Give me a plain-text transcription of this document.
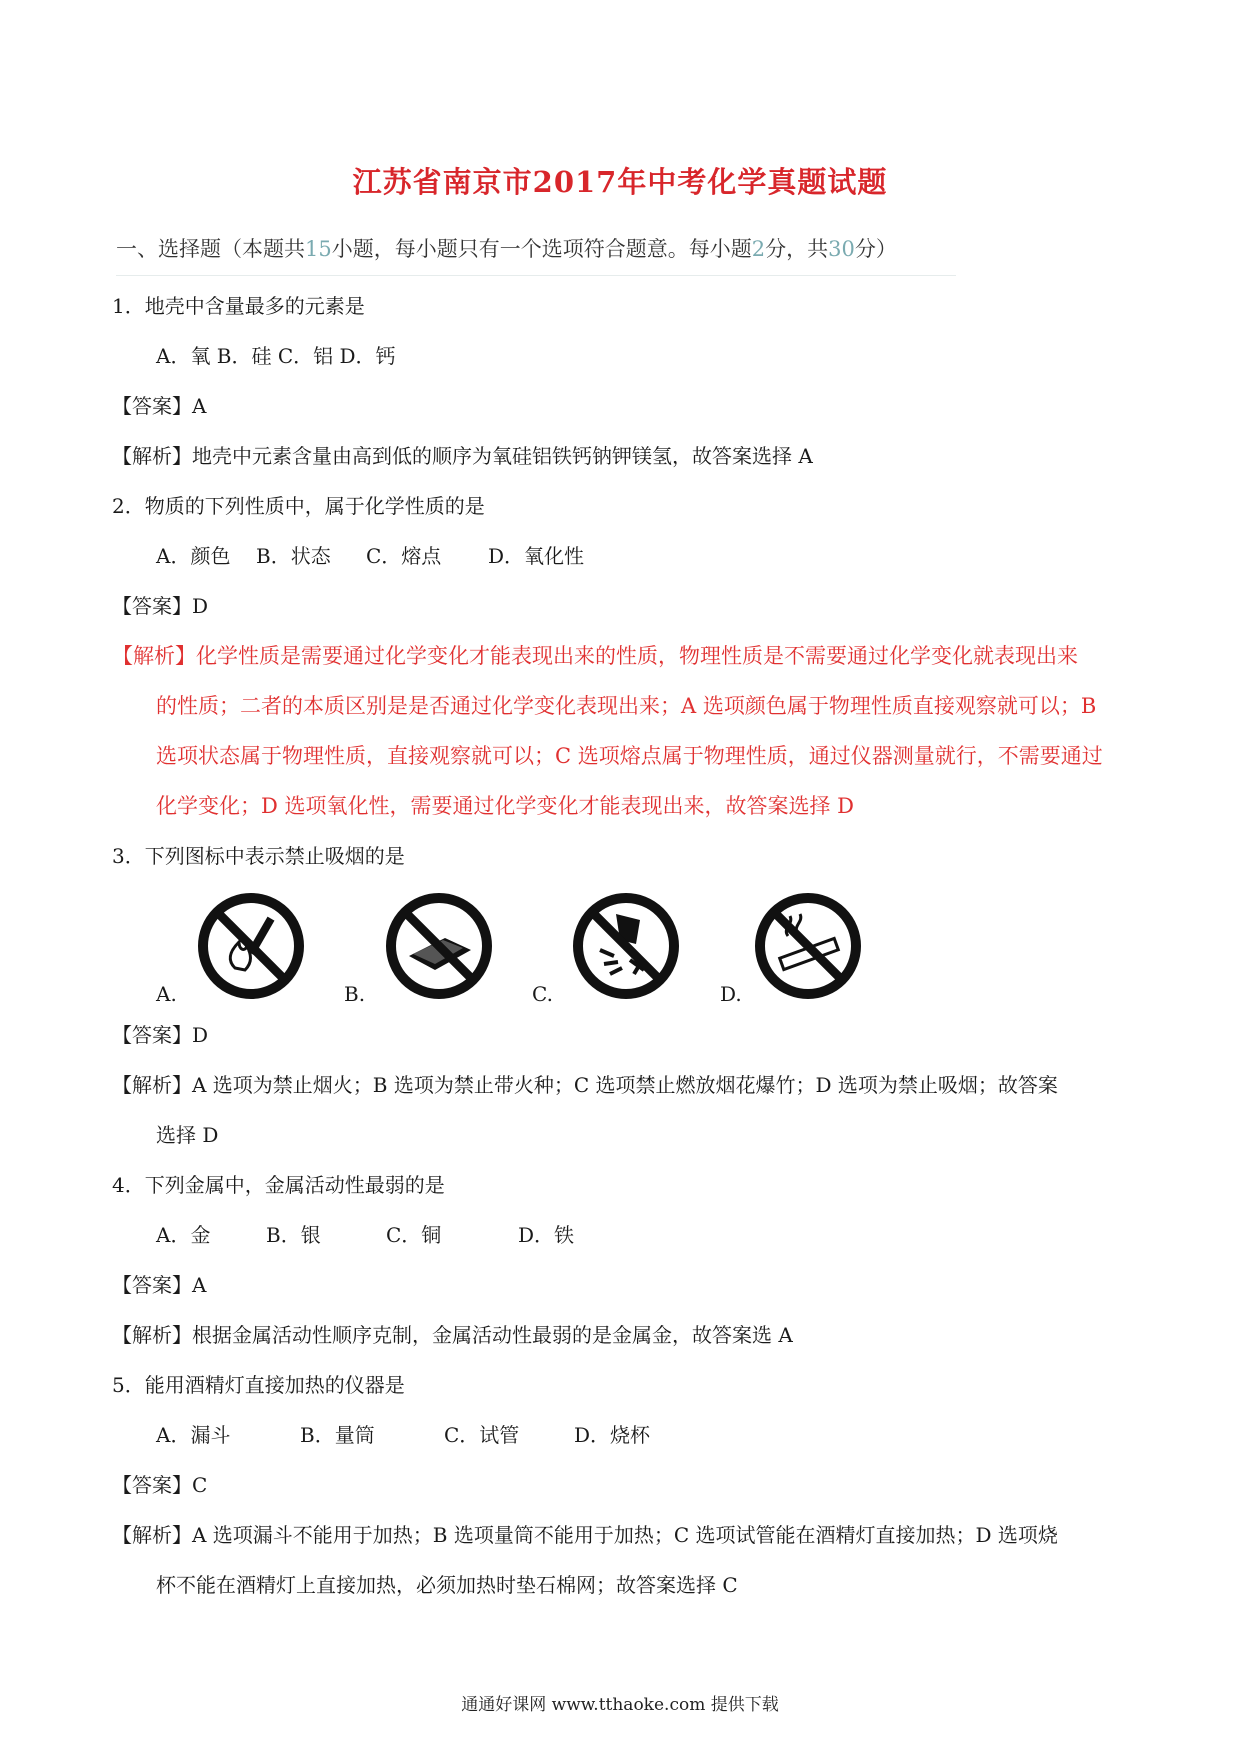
江苏省南京市2017年中考化学真题试题
一、选择题（本题共15小题，每小题只有一个选项符合题意。每小题2分，共30分）
1．地壳中含量最多的元素是
A．氧 B．硅 C．铝 D．钙
【答案】A
【解析】地壳中元素含量由高到低的顺序为氧硅铝铁钙钠钾镁氢，故答案选择 A
2．物质的下列性质中，属于化学性质的是
A．颜色 B．状态 C．熔点 D．氧化性
【答案】D
【解析】化学性质是需要通过化学变化才能表现出来的性质，物理性质是不需要通过化学变化就表现出来
的性质；二者的本质区别是是否通过化学变化表现出来；A 选项颜色属于物理性质直接观察就可以；B
选项状态属于物理性质，直接观察就可以；C 选项熔点属于物理性质，通过仪器测量就行，不需要通过
化学变化；D 选项氧化性，需要通过化学变化才能表现出来，故答案选择 D
3．下列图标中表示禁止吸烟的是
A.	B.	C.	D.
【答案】D
【解析】A 选项为禁止烟火；B 选项为禁止带火种；C 选项禁止燃放烟花爆竹；D 选项为禁止吸烟；故答案
选择 D
4．下列金属中，金属活动性最弱的是
A．金	B．银	C．铜	D．铁
【答案】A
【解析】根据金属活动性顺序克制，金属活动性最弱的是金属金，故答案选 A
5．能用酒精灯直接加热的仪器是
A．漏斗	B．量筒	C．试管	D．烧杯
【答案】C
【解析】A 选项漏斗不能用于加热；B 选项量筒不能用于加热；C 选项试管能在酒精灯直接加热；D 选项烧
杯不能在酒精灯上直接加热，必须加热时垫石棉网；故答案选择 C
通通好课网 www.tthaoke.com 提供下载
